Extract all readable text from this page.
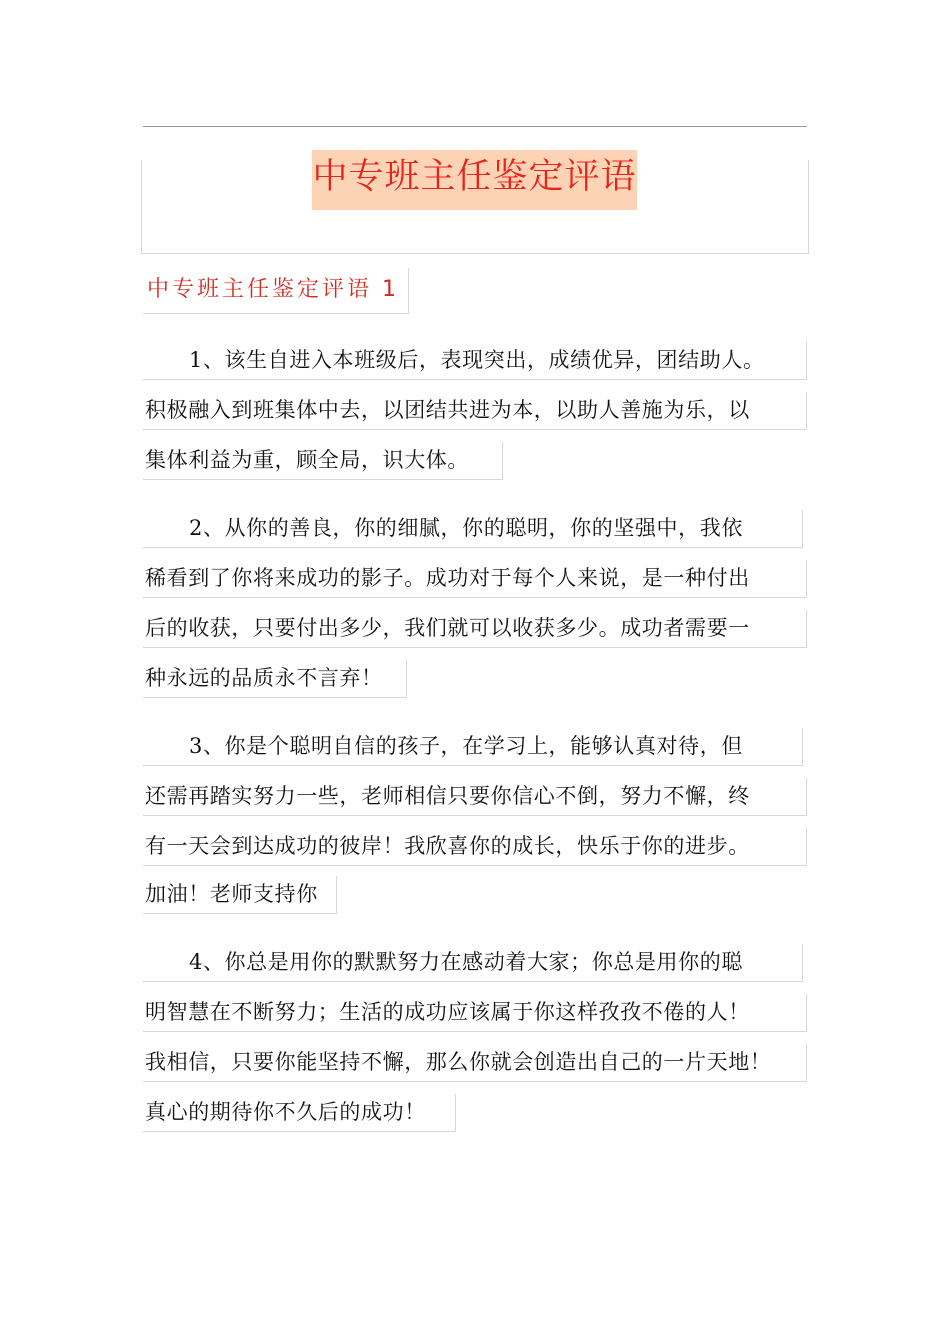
中专班主任鉴定评语
中专班主任鉴定评语 1
1、该生自进入本班级后，表现突出，成绩优异，团结助人。
积极融入到班集体中去，以团结共进为本，以助人善施为乐，以
集体利益为重，顾全局，识大体。
2、从你的善良，你的细腻，你的聪明，你的坚强中，我依
稀看到了你将来成功的影子。成功对于每个人来说，是一种付出
后的收获，只要付出多少，我们就可以收获多少。成功者需要一
种永远的品质永不言弃！
3、你是个聪明自信的孩子，在学习上，能够认真对待，但
还需再踏实努力一些，老师相信只要你信心不倒，努力不懈，终
有一天会到达成功的彼岸！我欣喜你的成长，快乐于你的进步。
加油！老师支持你
4、你总是用你的默默努力在感动着大家；你总是用你的聪
明智慧在不断努力；生活的成功应该属于你这样孜孜不倦的人！
我相信，只要你能坚持不懈，那么你就会创造出自己的一片天地！
真心的期待你不久后的成功！
